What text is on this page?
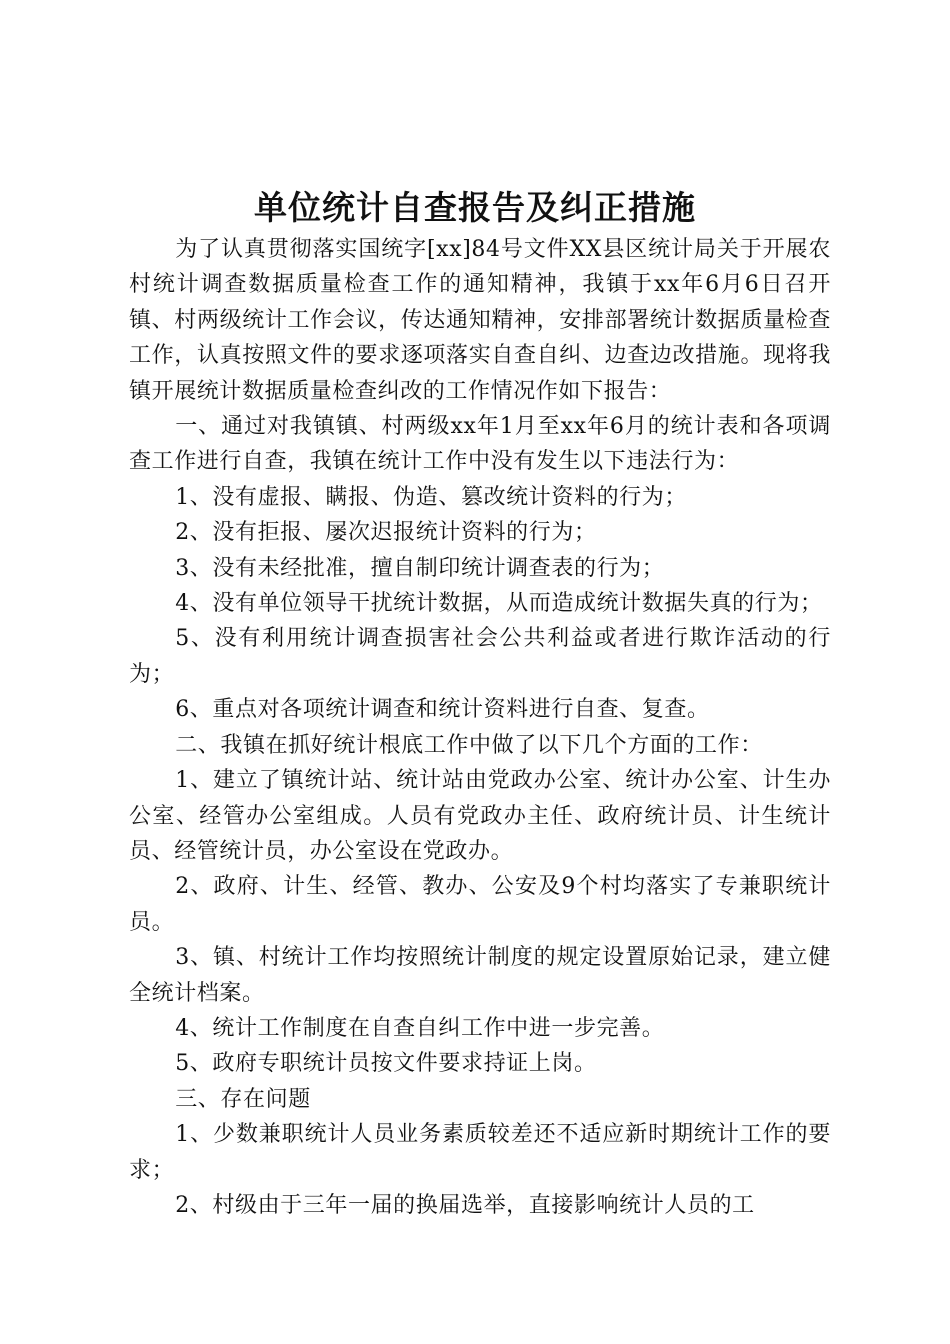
单位统计自查报告及纠正措施

为了认真贯彻落实国统字[xx]84号文件XX县区统计局关于开展农村统计调查数据质量检查工作的通知精神，我镇于xx年6月6日召开镇、村两级统计工作会议，传达通知精神，安排部署统计数据质量检查工作，认真按照文件的要求逐项落实自查自纠、边查边改措施。现将我镇开展统计数据质量检查纠改的工作情况作如下报告：

一、通过对我镇镇、村两级xx年1月至xx年6月的统计表和各项调查工作进行自查，我镇在统计工作中没有发生以下违法行为：

1、没有虚报、瞒报、伪造、篡改统计资料的行为；

2、没有拒报、屡次迟报统计资料的行为；

3、没有未经批准，擅自制印统计调查表的行为；

4、没有单位领导干扰统计数据，从而造成统计数据失真的行为；

5、没有利用统计调查损害社会公共利益或者进行欺诈活动的行为；

6、重点对各项统计调查和统计资料进行自查、复查。

二、我镇在抓好统计根底工作中做了以下几个方面的工作：

1、建立了镇统计站、统计站由党政办公室、统计办公室、计生办公室、经管办公室组成。人员有党政办主任、政府统计员、计生统计员、经管统计员，办公室设在党政办。

2、政府、计生、经管、教办、公安及9个村均落实了专兼职统计员。

3、镇、村统计工作均按照统计制度的规定设置原始记录，建立健全统计档案。

4、统计工作制度在自查自纠工作中进一步完善。

5、政府专职统计员按文件要求持证上岗。

三、存在问题

1、少数兼职统计人员业务素质较差还不适应新时期统计工作的要求；

2、村级由于三年一届的换届选举，直接影响统计人员的工
